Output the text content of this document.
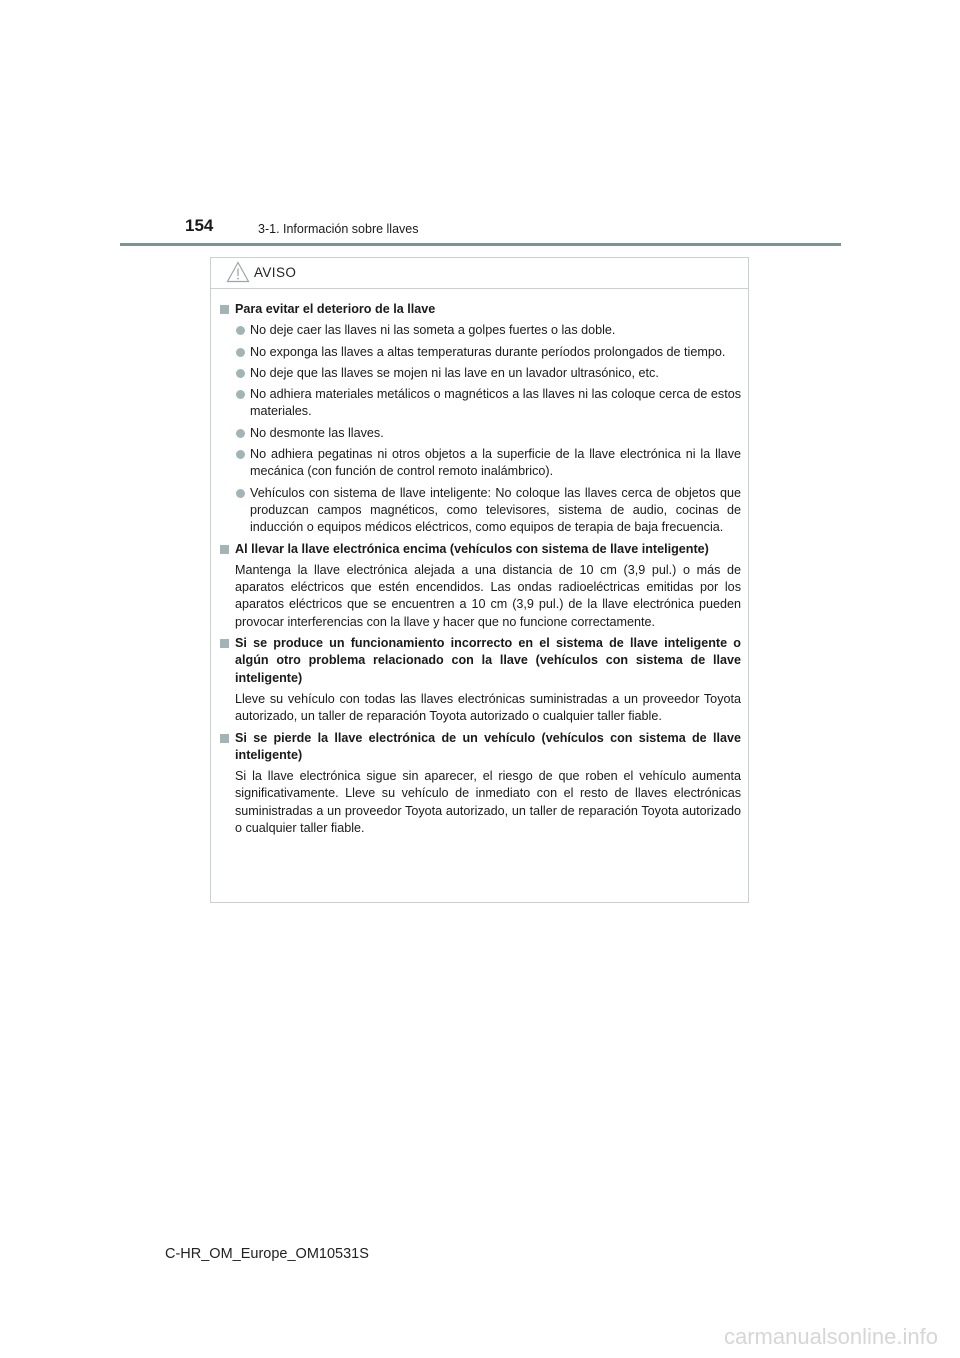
154	3-1. Información sobre llaves
AVISO
Para evitar el deterioro de la llave
No deje caer las llaves ni las someta a golpes fuertes o las doble.
No exponga las llaves a altas temperaturas durante períodos prolongados de tiempo.
No deje que las llaves se mojen ni las lave en un lavador ultrasónico, etc.
No adhiera materiales metálicos o magnéticos a las llaves ni las coloque cerca de estos materiales.
No desmonte las llaves.
No adhiera pegatinas ni otros objetos a la superficie de la llave electrónica ni la llave mecánica (con función de control remoto inalámbrico).
Vehículos con sistema de llave inteligente: No coloque las llaves cerca de objetos que produzcan campos magnéticos, como televisores, sistema de audio, cocinas de inducción o equipos médicos eléctricos, como equipos de terapia de baja frecuencia.
Al llevar la llave electrónica encima (vehículos con sistema de llave inteligente)
Mantenga la llave electrónica alejada a una distancia de 10 cm (3,9 pul.) o más de aparatos eléctricos que estén encendidos. Las ondas radioeléctricas emitidas por los aparatos eléctricos que se encuentren a 10 cm (3,9 pul.) de la llave electrónica pueden provocar interferencias con la llave y hacer que no funcione correctamente.
Si se produce un funcionamiento incorrecto en el sistema de llave inteligente o algún otro problema relacionado con la llave (vehículos con sistema de llave inteligente)
Lleve su vehículo con todas las llaves electrónicas suministradas a un proveedor Toyota autorizado, un taller de reparación Toyota autorizado o cualquier taller fiable.
Si se pierde la llave electrónica de un vehículo (vehículos con sistema de llave inteligente)
Si la llave electrónica sigue sin aparecer, el riesgo de que roben el vehículo aumenta significativamente. Lleve su vehículo de inmediato con el resto de llaves electrónicas suministradas a un proveedor Toyota autorizado, un taller de reparación Toyota autorizado o cualquier taller fiable.
C-HR_OM_Europe_OM10531S
carmanualsonline.info
